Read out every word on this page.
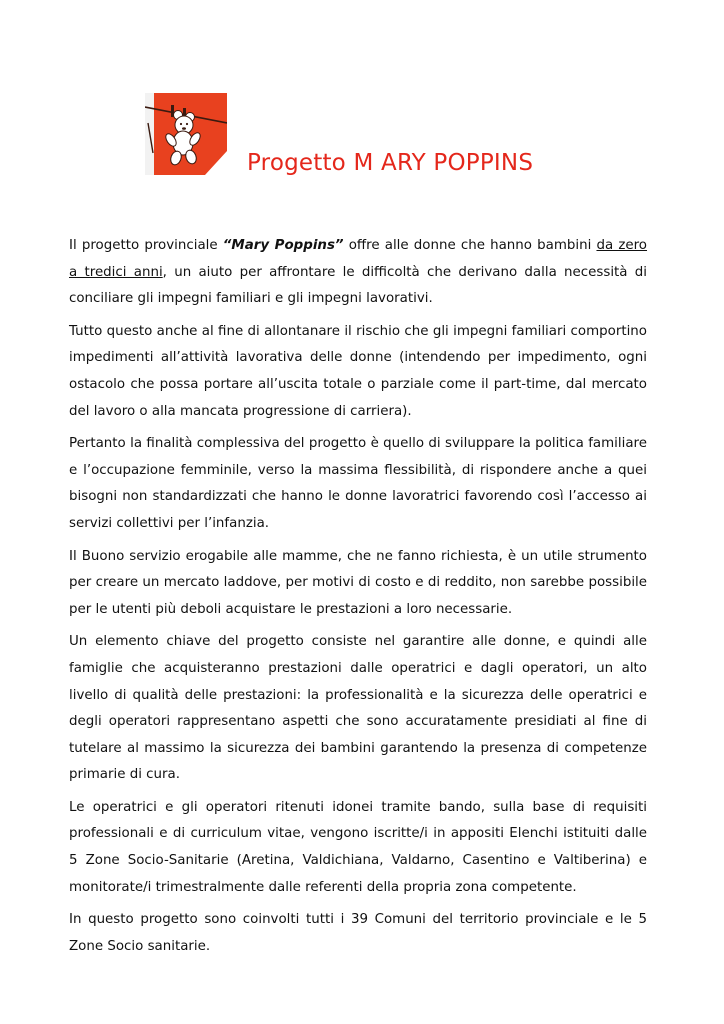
Progetto M ARY POPPINS

Il progetto provinciale “Mary Poppins” offre alle donne che hanno bambini da zero a tredici anni, un aiuto per affrontare le difficoltà che derivano dalla necessità di conciliare gli impegni familiari e gli impegni lavorativi.

Tutto questo anche al fine di allontanare il rischio che gli impegni familiari comportino impedimenti all’attività lavorativa delle donne (intendendo per impedimento, ogni ostacolo che possa portare all’uscita totale o parziale come il part-time, dal mercato del lavoro o alla mancata progressione di carriera).

Pertanto la finalità complessiva del progetto è quello di sviluppare la politica familiare e l’occupazione femminile, verso la massima flessibilità, di rispondere anche a quei bisogni non standardizzati che hanno le donne lavoratrici favorendo così l’accesso ai servizi collettivi per l’infanzia.

Il Buono servizio erogabile alle mamme, che ne fanno richiesta, è un utile strumento per creare un mercato laddove, per motivi di costo e di reddito, non sarebbe possibile per le utenti più deboli acquistare le prestazioni a loro necessarie.

Un elemento chiave del progetto consiste nel garantire alle donne, e quindi alle famiglie che acquisteranno prestazioni dalle operatrici e dagli operatori, un alto livello di qualità delle prestazioni: la professionalità e la sicurezza delle operatrici e degli operatori rappresentano aspetti che sono accuratamente presidiati al fine di tutelare al massimo la sicurezza dei bambini garantendo la presenza di competenze primarie di cura.

Le operatrici e gli operatori ritenuti idonei tramite bando, sulla base di requisiti professionali e di curriculum vitae, vengono iscritte/i in appositi Elenchi istituiti dalle 5 Zone Socio-Sanitarie (Aretina, Valdichiana, Valdarno, Casentino e Valtiberina) e monitorate/i trimestralmente dalle referenti della propria zona competente.

In questo progetto sono coinvolti tutti i 39 Comuni del territorio provinciale e le 5 Zone Socio sanitarie.
